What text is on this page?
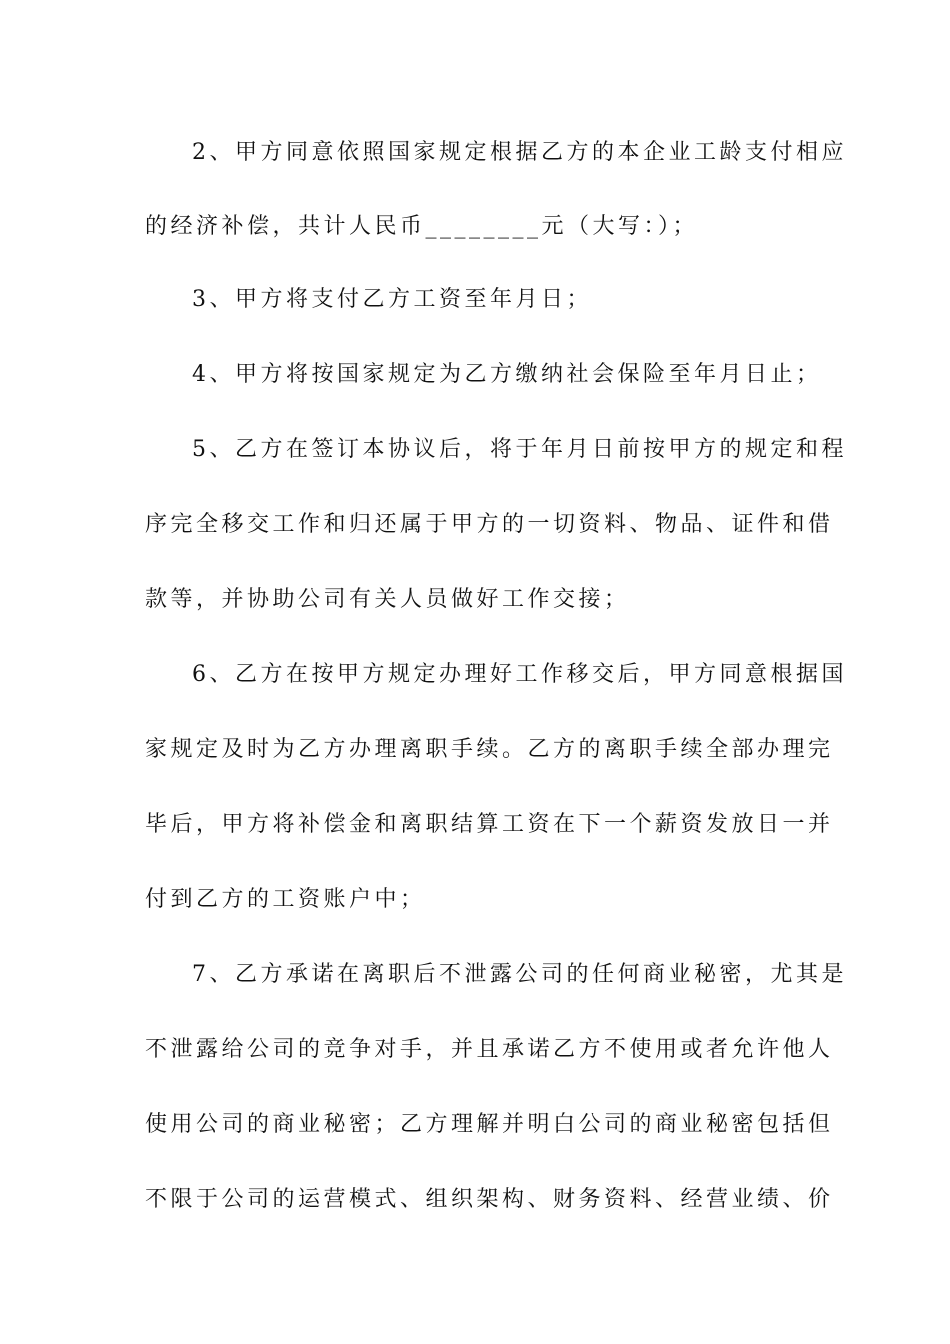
2、甲方同意依照国家规定根据乙方的本企业工龄支付相应
的经济补偿，共计人民币________元（大写：）；
3、甲方将支付乙方工资至年月日；
4、甲方将按国家规定为乙方缴纳社会保险至年月日止；
5、乙方在签订本协议后，将于年月日前按甲方的规定和程
序完全移交工作和归还属于甲方的一切资料、物品、证件和借
款等，并协助公司有关人员做好工作交接；
6、乙方在按甲方规定办理好工作移交后，甲方同意根据国
家规定及时为乙方办理离职手续。乙方的离职手续全部办理完
毕后，甲方将补偿金和离职结算工资在下一个薪资发放日一并
付到乙方的工资账户中；
7、乙方承诺在离职后不泄露公司的任何商业秘密，尤其是
不泄露给公司的竞争对手，并且承诺乙方不使用或者允许他人
使用公司的商业秘密；乙方理解并明白公司的商业秘密包括但
不限于公司的运营模式、组织架构、财务资料、经营业绩、价
